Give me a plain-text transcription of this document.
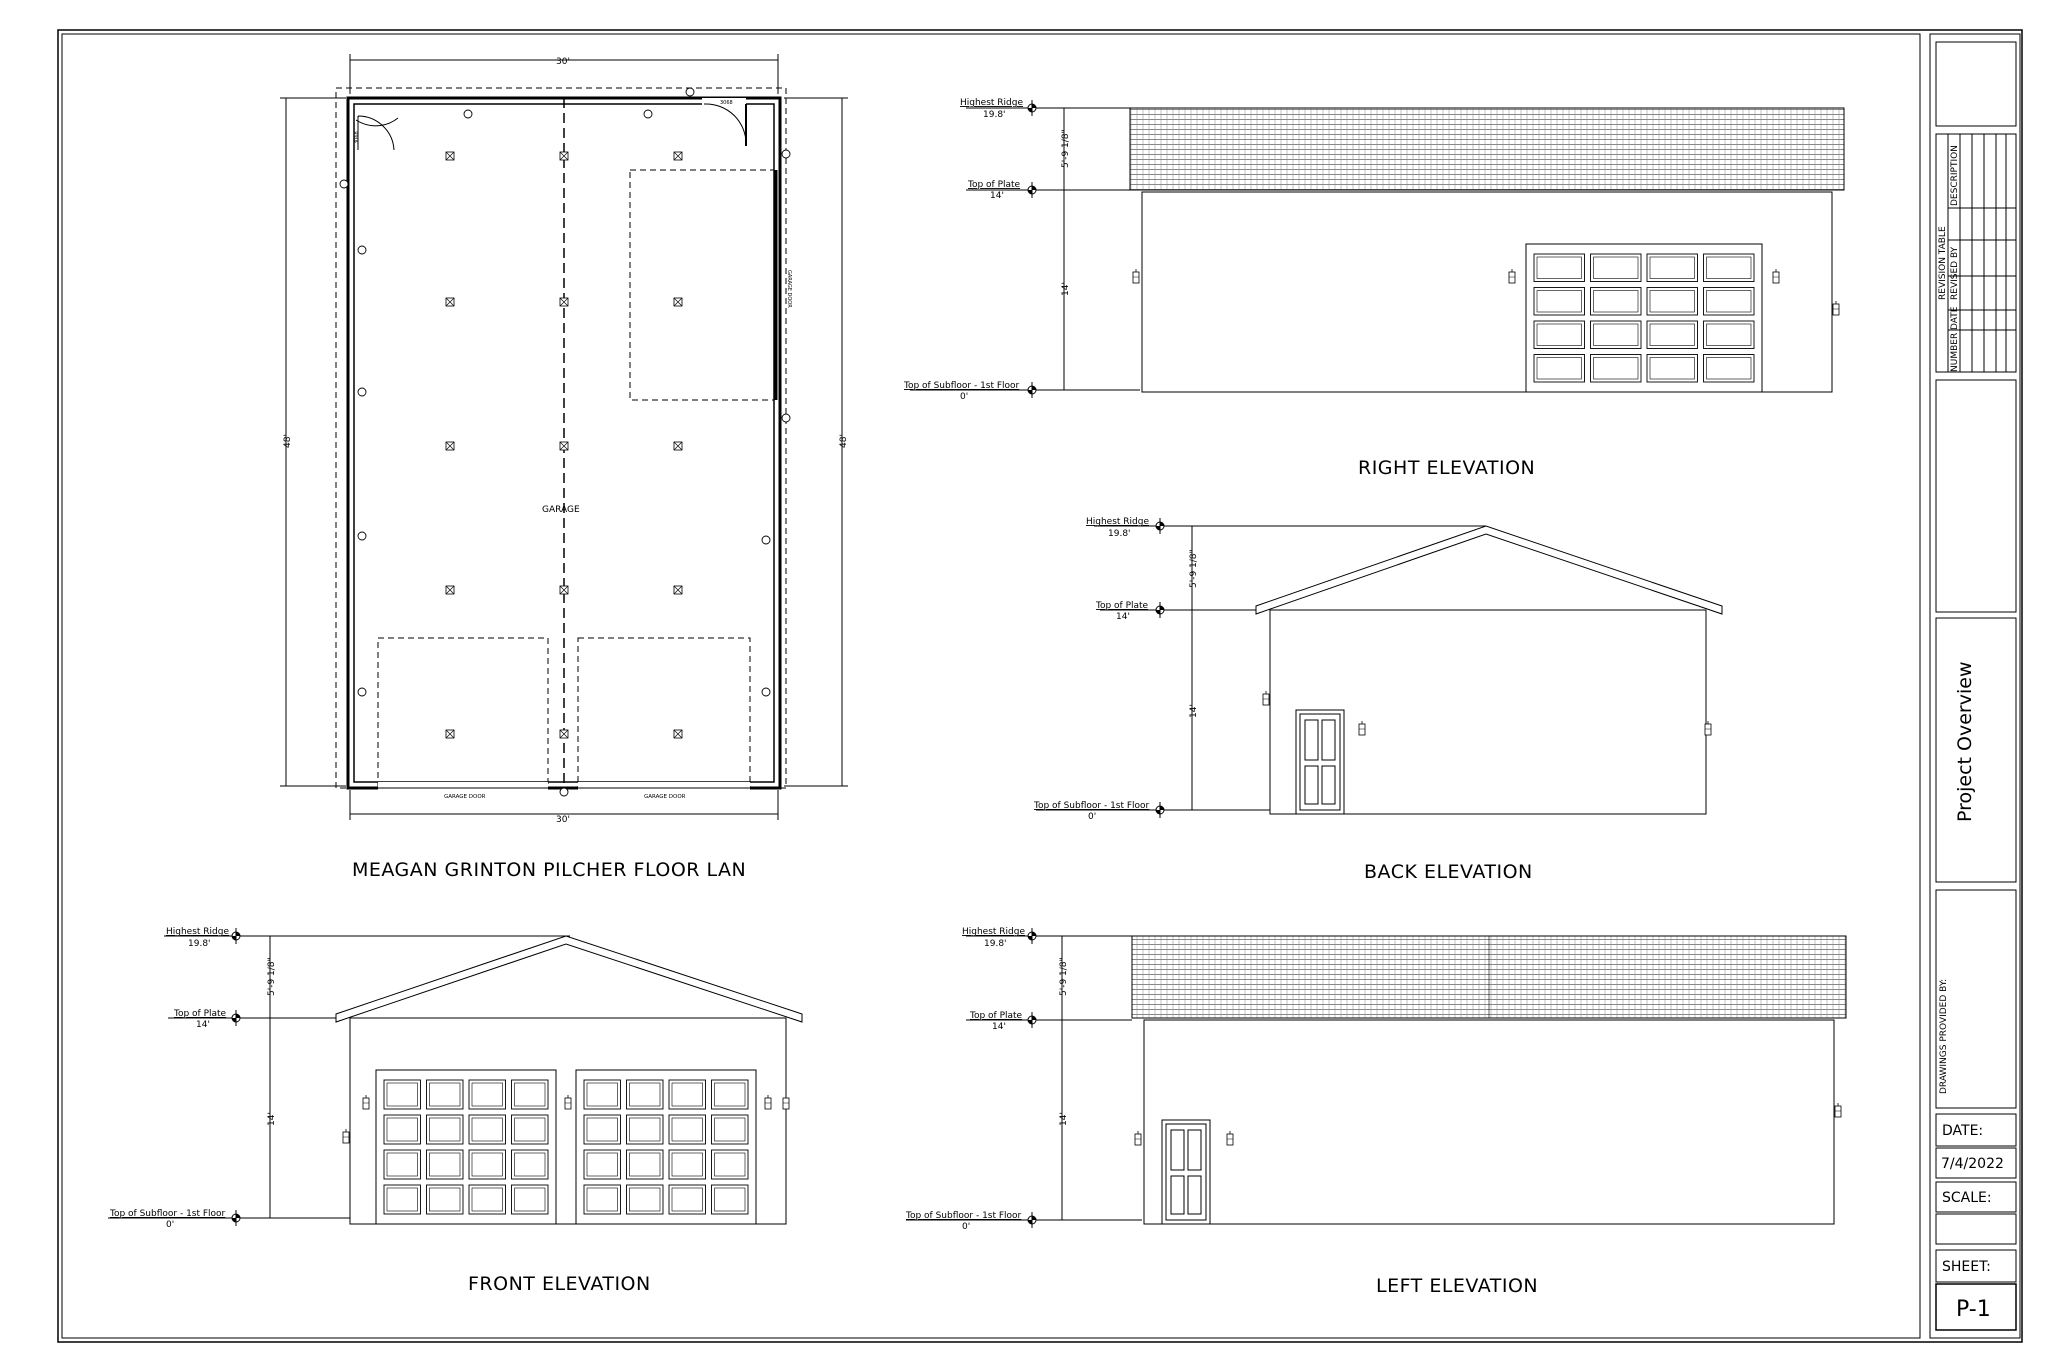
REVISION TABLE
NUMBER
DATE
REVISED BY
DESCRIPTION
Project Overview
DRAWINGS PROVIDED BY:
DATE:
7/4/2022
SCALE:
SHEET:
P-1
30'
30'
48'	48'
3068
3068
GARAGE DOOR
GARAGE DOOR	GARAGE DOOR
GARAGE
MEAGAN GRINTON PILCHER FLOOR LAN
Highest Ridge
19.8'
Top of Plate
14'
Top of Subfloor - 1st Floor
0'
5'-9 1/8"
14'
RIGHT ELEVATION
Highest Ridge
19.8'
Top of Plate
14'
Top of Subfloor - 1st Floor
0'
5'-9 1/8"
14'
BACK ELEVATION
Highest Ridge
19.8'
Top of Plate
14'
Top of Subfloor - 1st Floor
0'
5'-9 1/8"
14'
FRONT ELEVATION
Highest Ridge
19.8'
Top of Plate
14'
Top of Subfloor - 1st Floor
0'
5'-9 1/8"
14'
LEFT ELEVATION
